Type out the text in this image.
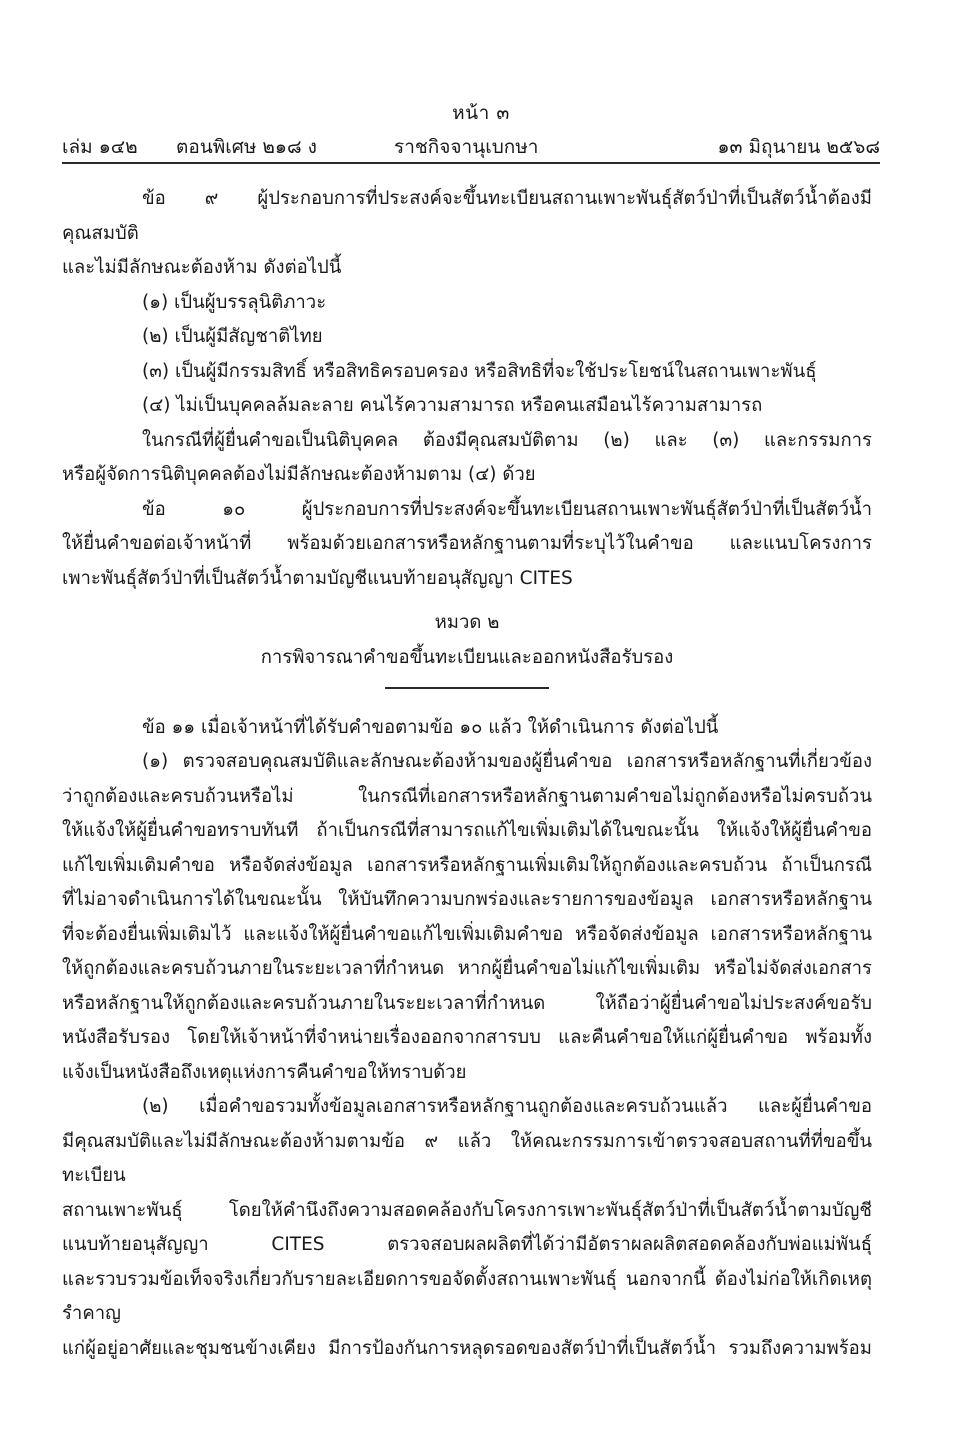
หน้า ๓
เล่ม ๑๔๒ ตอนพิเศษ ๒๑๘ ง	ราชกิจจานุเบกษา	๑๓ มิถุนายน ๒๕๖๘

ข้อ ๙ ผู้ประกอบการที่ประสงค์จะขึ้นทะเบียนสถานเพาะพันธุ์สัตว์ป่าที่เป็นสัตว์น้ำต้องมีคุณสมบัติ

และไม่มีลักษณะต้องห้าม ดังต่อไปนี้

(๑) เป็นผู้บรรลุนิติภาวะ

(๒) เป็นผู้มีสัญชาติไทย

(๓) เป็นผู้มีกรรมสิทธิ์ หรือสิทธิครอบครอง หรือสิทธิที่จะใช้ประโยชน์ในสถานเพาะพันธุ์

(๔) ไม่เป็นบุคคลล้มละลาย คนไร้ความสามารถ หรือคนเสมือนไร้ความสามารถ

ในกรณีที่ผู้ยื่นคำขอเป็นนิติบุคคล ต้องมีคุณสมบัติตาม (๒) และ (๓) และกรรมการ

หรือผู้จัดการนิติบุคคลต้องไม่มีลักษณะต้องห้ามตาม (๔) ด้วย

ข้อ ๑๐ ผู้ประกอบการที่ประสงค์จะขึ้นทะเบียนสถานเพาะพันธุ์สัตว์ป่าที่เป็นสัตว์น้ำ

ให้ยื่นคำขอต่อเจ้าหน้าที่ พร้อมด้วยเอกสารหรือหลักฐานตามที่ระบุไว้ในคำขอ และแนบโครงการ

เพาะพันธุ์สัตว์ป่าที่เป็นสัตว์น้ำตามบัญชีแนบท้ายอนุสัญญา CITES

หมวด ๒

การพิจารณาคำขอขึ้นทะเบียนและออกหนังสือรับรอง

ข้อ ๑๑ เมื่อเจ้าหน้าที่ได้รับคำขอตามข้อ ๑๐ แล้ว ให้ดำเนินการ ดังต่อไปนี้

(๑) ตรวจสอบคุณสมบัติและลักษณะต้องห้ามของผู้ยื่นคำขอ เอกสารหรือหลักฐานที่เกี่ยวข้อง

ว่าถูกต้องและครบถ้วนหรือไม่ ในกรณีที่เอกสารหรือหลักฐานตามคำขอไม่ถูกต้องหรือไม่ครบถ้วน

ให้แจ้งให้ผู้ยื่นคำขอทราบทันที ถ้าเป็นกรณีที่สามารถแก้ไขเพิ่มเติมได้ในขณะนั้น ให้แจ้งให้ผู้ยื่นคำขอ

แก้ไขเพิ่มเติมคำขอ หรือจัดส่งข้อมูล เอกสารหรือหลักฐานเพิ่มเติมให้ถูกต้องและครบถ้วน ถ้าเป็นกรณี

ที่ไม่อาจดำเนินการได้ในขณะนั้น ให้บันทึกความบกพร่องและรายการของข้อมูล เอกสารหรือหลักฐาน

ที่จะต้องยื่นเพิ่มเติมไว้ และแจ้งให้ผู้ยื่นคำขอแก้ไขเพิ่มเติมคำขอ หรือจัดส่งข้อมูล เอกสารหรือหลักฐาน

ให้ถูกต้องและครบถ้วนภายในระยะเวลาที่กำหนด หากผู้ยื่นคำขอไม่แก้ไขเพิ่มเติม หรือไม่จัดส่งเอกสาร

หรือหลักฐานให้ถูกต้องและครบถ้วนภายในระยะเวลาที่กำหนด ให้ถือว่าผู้ยื่นคำขอไม่ประสงค์ขอรับ

หนังสือรับรอง โดยให้เจ้าหน้าที่จำหน่ายเรื่องออกจากสารบบ และคืนคำขอให้แก่ผู้ยื่นคำขอ พร้อมทั้ง

แจ้งเป็นหนังสือถึงเหตุแห่งการคืนคำขอให้ทราบด้วย

(๒) เมื่อคำขอรวมทั้งข้อมูลเอกสารหรือหลักฐานถูกต้องและครบถ้วนแล้ว และผู้ยื่นคำขอ

มีคุณสมบัติและไม่มีลักษณะต้องห้ามตามข้อ ๙ แล้ว ให้คณะกรรมการเข้าตรวจสอบสถานที่ที่ขอขึ้นทะเบียน

สถานเพาะพันธุ์ โดยให้คำนึงถึงความสอดคล้องกับโครงการเพาะพันธุ์สัตว์ป่าที่เป็นสัตว์น้ำตามบัญชี

แนบท้ายอนุสัญญา CITES ตรวจสอบผลผลิตที่ได้ว่ามีอัตราผลผลิตสอดคล้องกับพ่อแม่พันธุ์

และรวบรวมข้อเท็จจริงเกี่ยวกับรายละเอียดการขอจัดตั้งสถานเพาะพันธุ์ นอกจากนี้ ต้องไม่ก่อให้เกิดเหตุรำคาญ

แก่ผู้อยู่อาศัยและชุมชนข้างเคียง มีการป้องกันการหลุดรอดของสัตว์ป่าที่เป็นสัตว์น้ำ รวมถึงความพร้อม
